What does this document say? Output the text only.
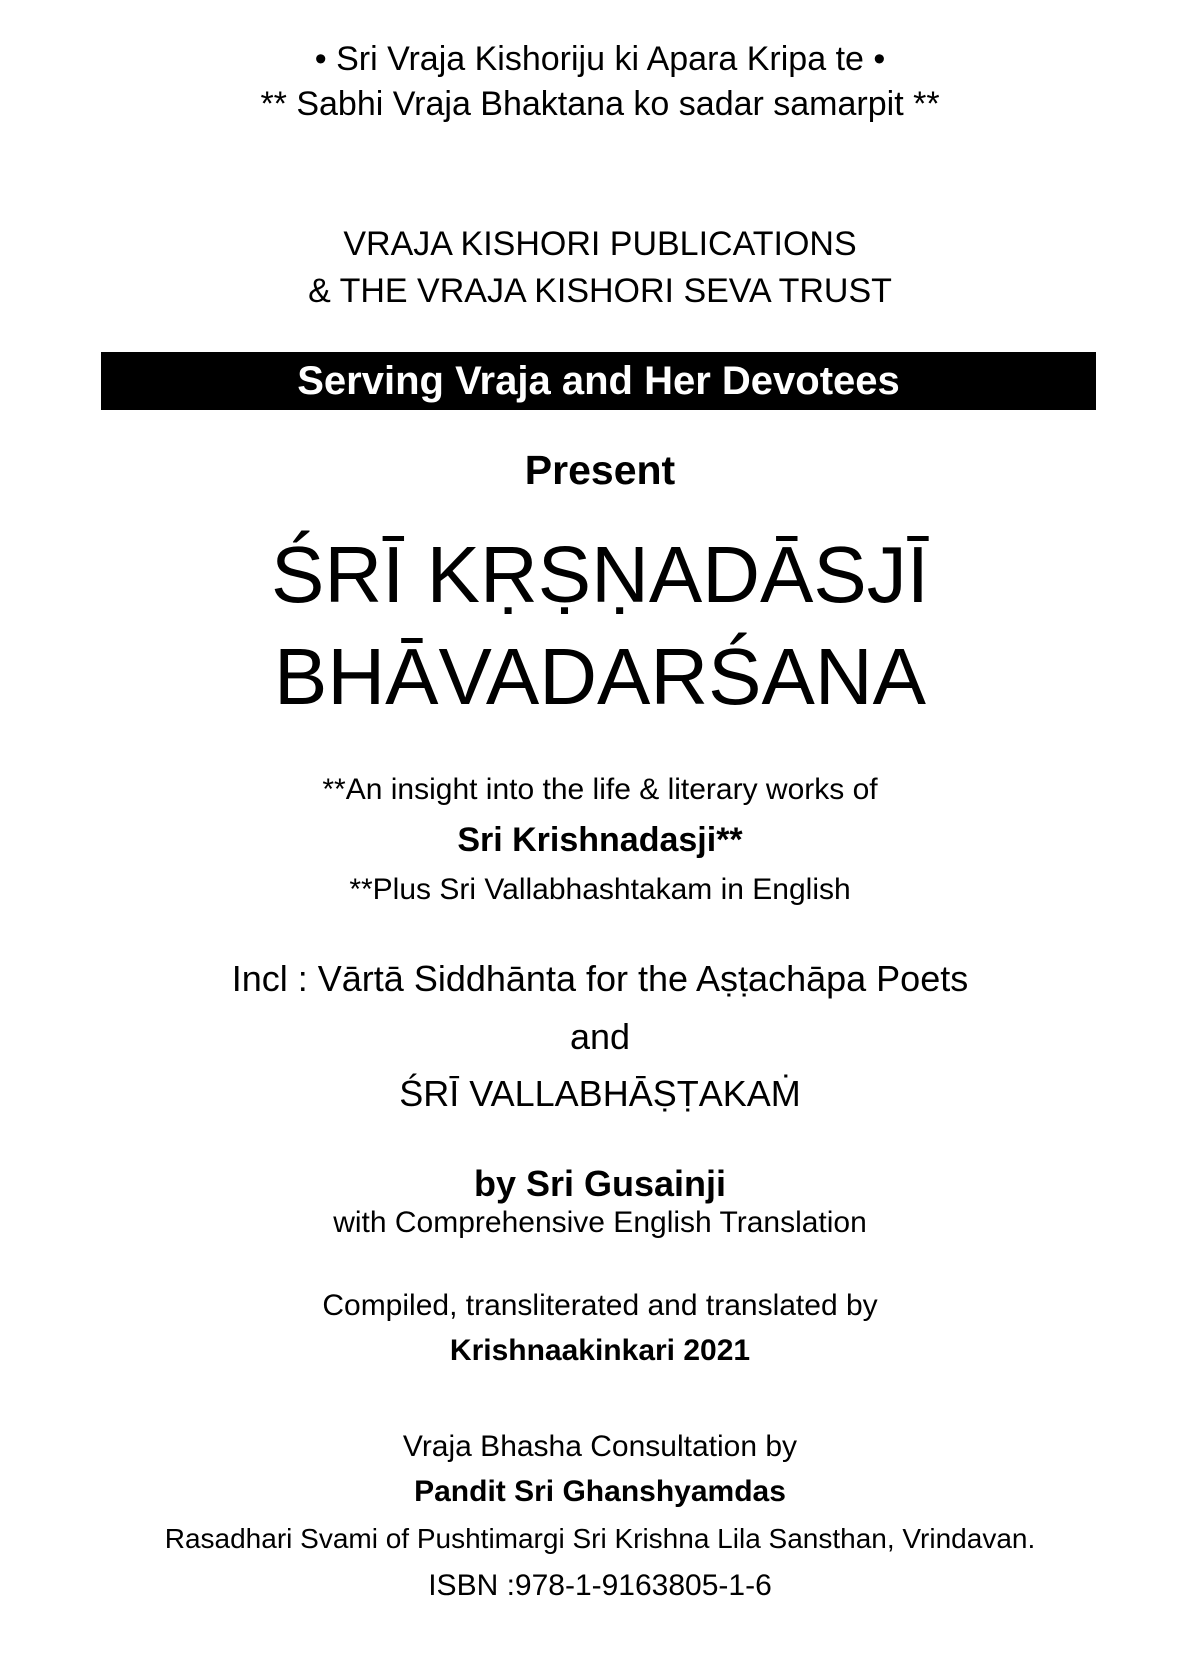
• Sri Vraja Kishoriju ki Apara Kripa te •
** Sabhi Vraja Bhaktana ko sadar samarpit **
VRAJA KISHORI PUBLICATIONS
& THE VRAJA KISHORI SEVA TRUST
Serving Vraja and Her Devotees
Present
ŚRĪ KṚṢṆADĀSJĪ
BHĀVADARŚANA
**An insight into the life & literary works of
Sri Krishnadasji**
**Plus Sri Vallabhashtakam in English
Incl : Vārtā Siddhānta for the Aṣṭachāpa Poets
and
ŚRĪ VALLABHĀṢṬAKAṀ
by Sri Gusainji
with Comprehensive English Translation
Compiled, transliterated and translated by
Krishnaakinkari 2021
Vraja Bhasha Consultation by
Pandit Sri Ghanshyamdas
Rasadhari Svami of Pushtimargi Sri Krishna Lila Sansthan, Vrindavan.
ISBN :978-1-9163805-1-6
